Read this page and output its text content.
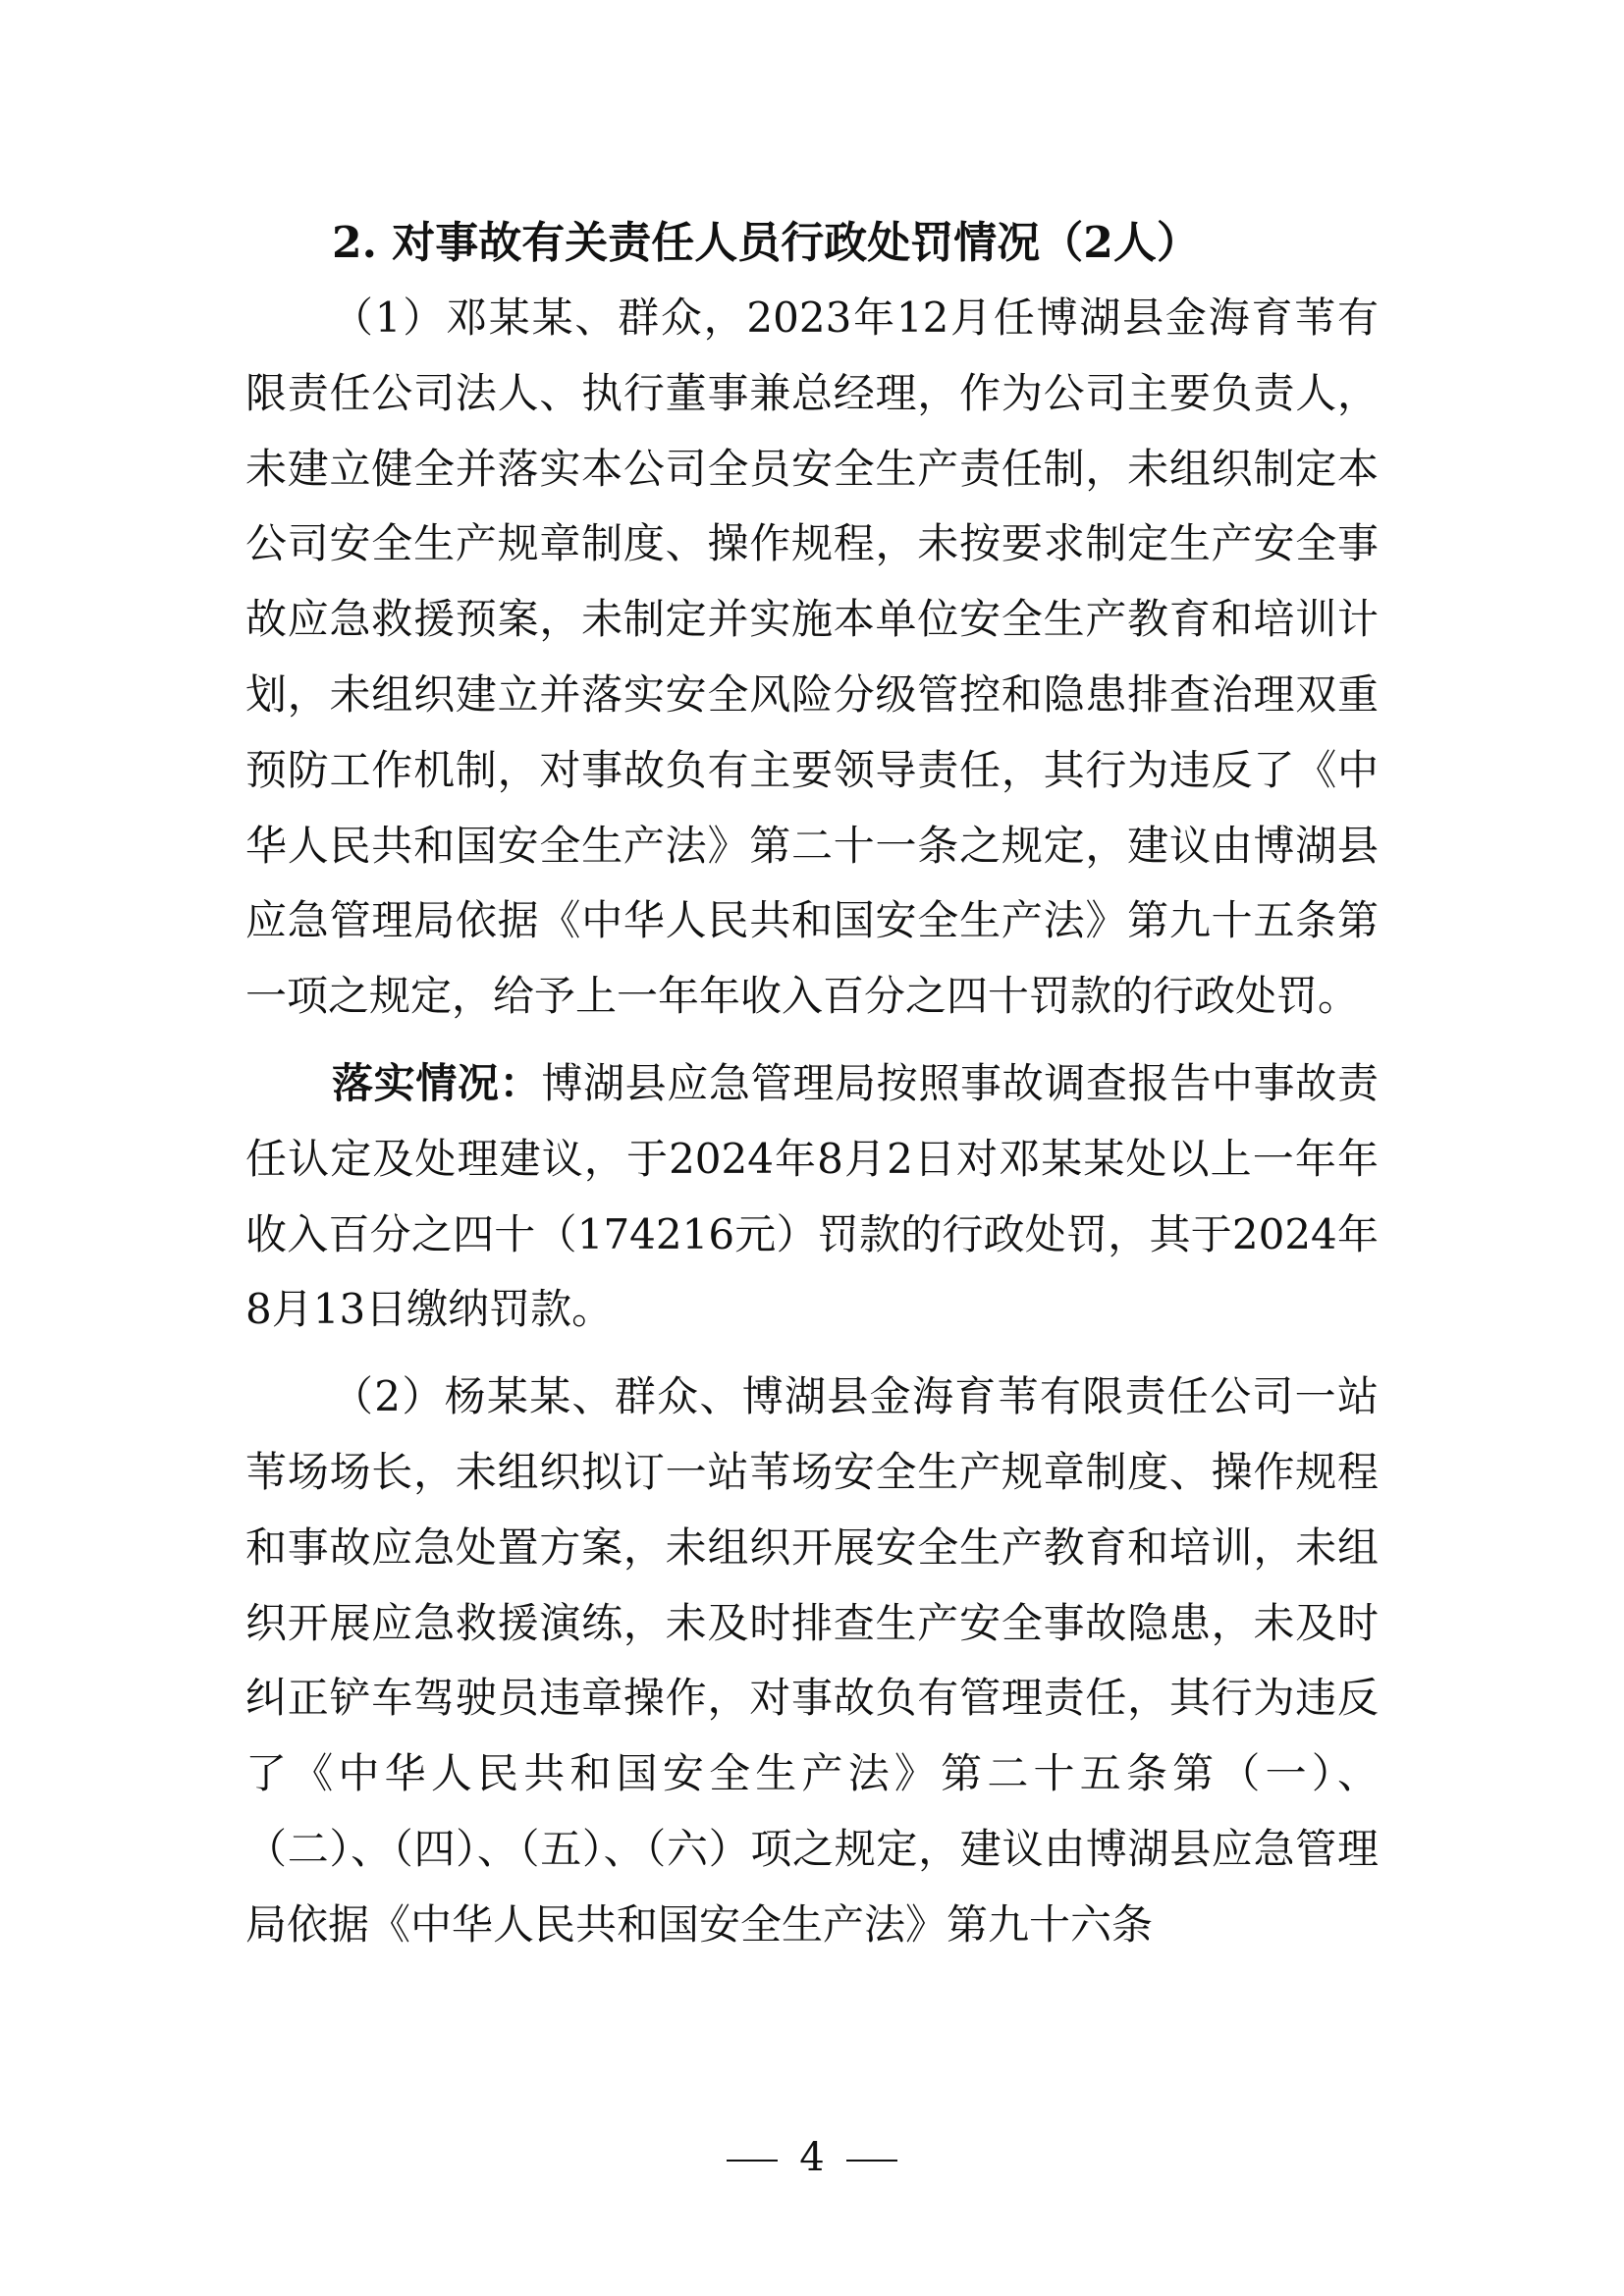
2. 对事故有关责任人员行政处罚情况（2人）

（1）邓某某、群众，2023年12月任博湖县金海育苇有限责任公司法人、执行董事兼总经理，作为公司主要负责人，未建立健全并落实本公司全员安全生产责任制，未组织制定本公司安全生产规章制度、操作规程，未按要求制定生产安全事故应急救援预案，未制定并实施本单位安全生产教育和培训计划，未组织建立并落实安全风险分级管控和隐患排查治理双重预防工作机制，对事故负有主要领导责任，其行为违反了《中华人民共和国安全生产法》第二十一条之规定，建议由博湖县应急管理局依据《中华人民共和国安全生产法》第九十五条第一项之规定，给予上一年年收入百分之四十罚款的行政处罚。

落实情况：博湖县应急管理局按照事故调查报告中事故责任认定及处理建议，于2024年8月2日对邓某某处以上一年年收入百分之四十（174216元）罚款的行政处罚，其于2024年8月13日缴纳罚款。

（2）杨某某、群众、博湖县金海育苇有限责任公司一站苇场场长，未组织拟订一站苇场安全生产规章制度、操作规程和事故应急处置方案，未组织开展安全生产教育和培训，未组织开展应急救援演练，未及时排查生产安全事故隐患，未及时纠正铲车驾驶员违章操作，对事故负有管理责任，其行为违反了《中华人民共和国安全生产法》第二十五条第（一）、（二）、（四）、（五）、（六）项之规定，建议由博湖县应急管理局依据《中华人民共和国安全生产法》第九十六条

4
